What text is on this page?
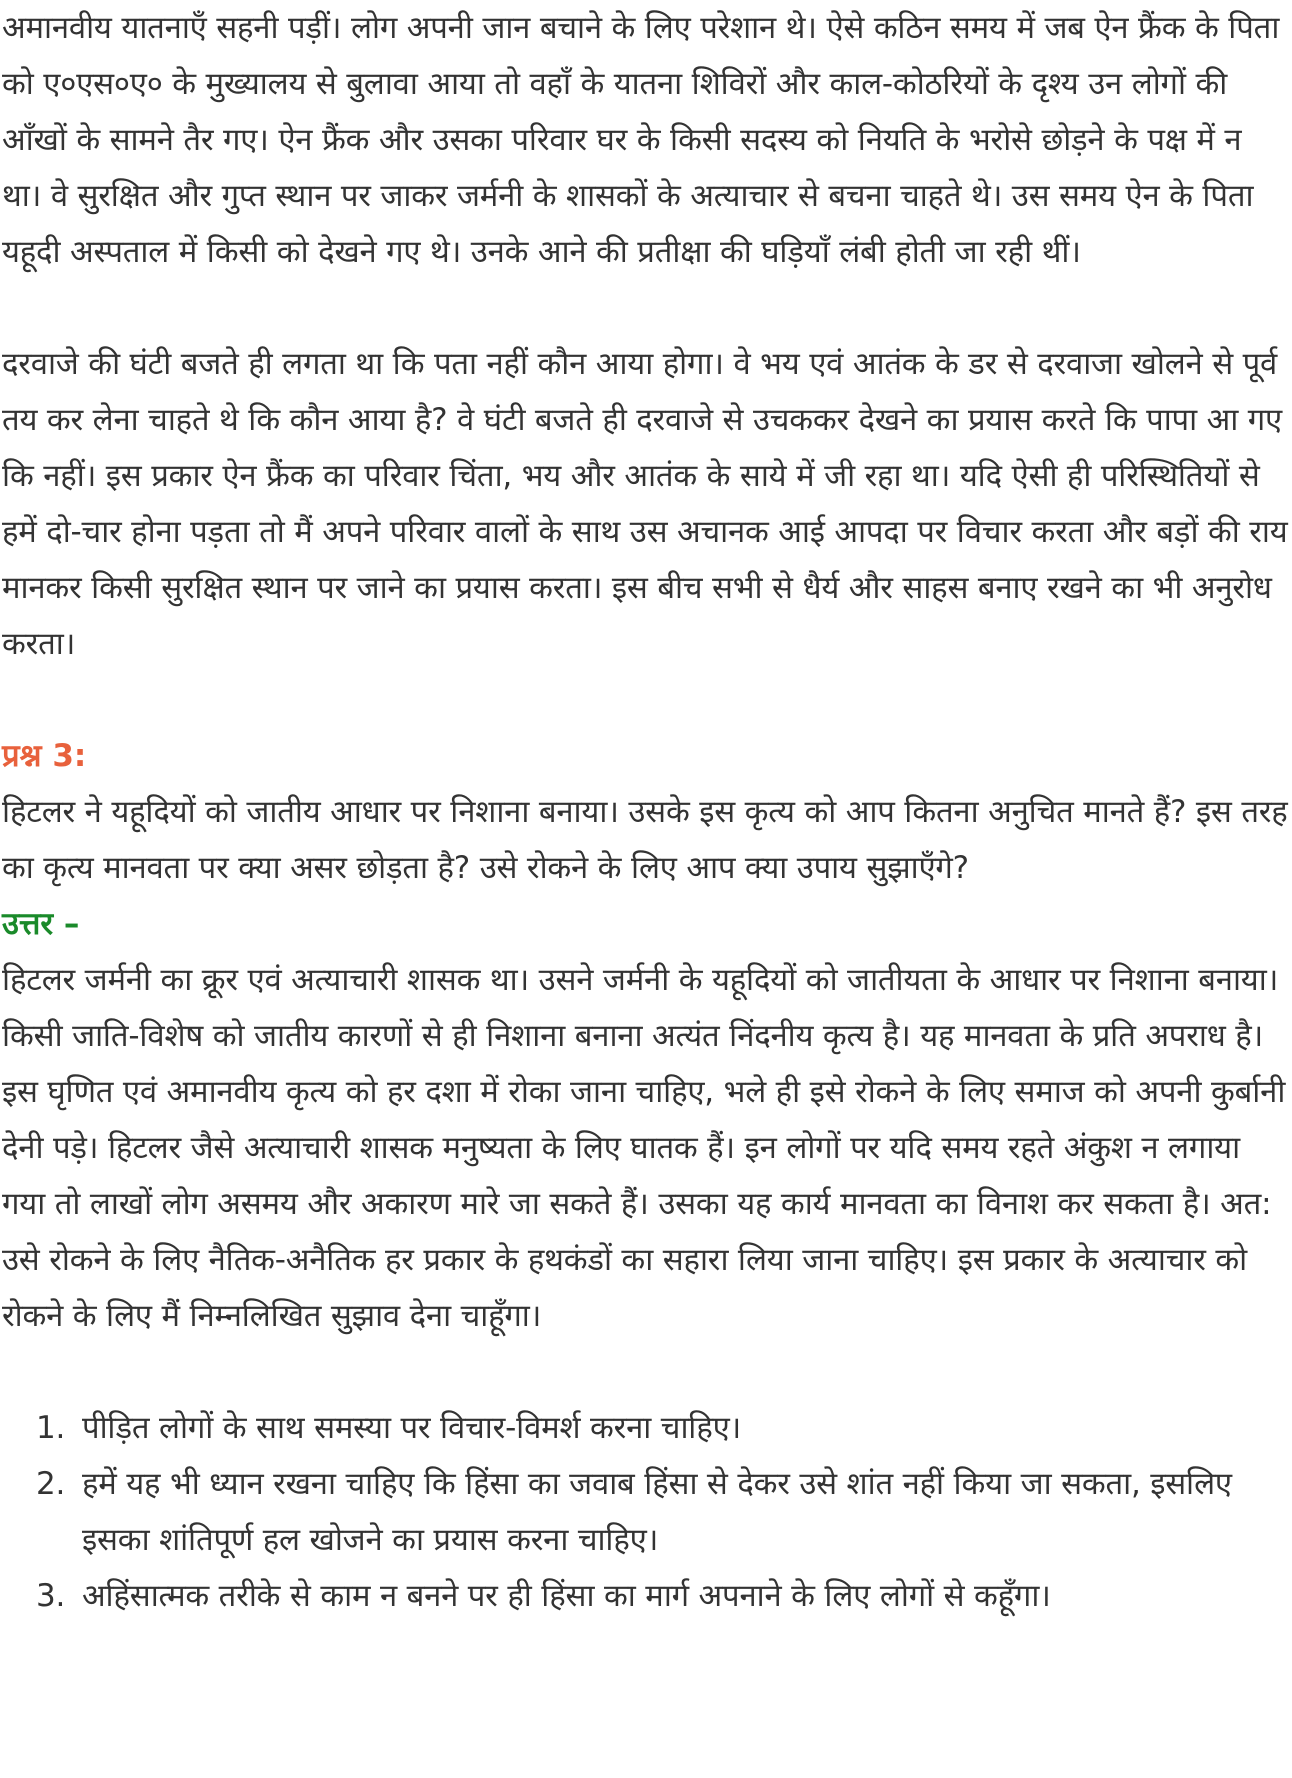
अमानवीय यातनाएँ सहनी पड़ीं। लोग अपनी जान बचाने के लिए परेशान थे। ऐसे कठिन समय में जब ऐन फ्रैंक के पिता को ए०एस०ए० के मुख्यालय से बुलावा आया तो वहाँ के यातना शिविरों और काल-कोठरियों के दृश्य उन लोगों की आँखों के सामने तैर गए। ऐन फ्रैंक और उसका परिवार घर के किसी सदस्य को नियति के भरोसे छोड़ने के पक्ष में न था। वे सुरक्षित और गुप्त स्थान पर जाकर जर्मनी के शासकों के अत्याचार से बचना चाहते थे। उस समय ऐन के पिता यहूदी अस्पताल में किसी को देखने गए थे। उनके आने की प्रतीक्षा की घड़ियाँ लंबी होती जा रही थीं।

दरवाजे की घंटी बजते ही लगता था कि पता नहीं कौन आया होगा। वे भय एवं आतंक के डर से दरवाजा खोलने से पूर्व तय कर लेना चाहते थे कि कौन आया है? वे घंटी बजते ही दरवाजे से उचककर देखने का प्रयास करते कि पापा आ गए कि नहीं। इस प्रकार ऐन फ्रैंक का परिवार चिंता, भय और आतंक के साये में जी रहा था। यदि ऐसी ही परिस्थितियों से हमें दो-चार होना पड़ता तो मैं अपने परिवार वालों के साथ उस अचानक आई आपदा पर विचार करता और बड़ों की राय मानकर किसी सुरक्षित स्थान पर जाने का प्रयास करता। इस बीच सभी से धैर्य और साहस बनाए रखने का भी अनुरोध करता।

प्रश्न 3:

हिटलर ने यहूदियों को जातीय आधार पर निशाना बनाया। उसके इस कृत्य को आप कितना अनुचित मानते हैं? इस तरह का कृत्य मानवता पर क्या असर छोड़ता है? उसे रोकने के लिए आप क्या उपाय सुझाएँगे?

उत्तर –

हिटलर जर्मनी का क्रूर एवं अत्याचारी शासक था। उसने जर्मनी के यहूदियों को जातीयता के आधार पर निशाना बनाया। किसी जाति-विशेष को जातीय कारणों से ही निशाना बनाना अत्यंत निंदनीय कृत्य है। यह मानवता के प्रति अपराध है। इस घृणित एवं अमानवीय कृत्य को हर दशा में रोका जाना चाहिए, भले ही इसे रोकने के लिए समाज को अपनी कुर्बानी देनी पड़े। हिटलर जैसे अत्याचारी शासक मनुष्यता के लिए घातक हैं। इन लोगों पर यदि समय रहते अंकुश न लगाया गया तो लाखों लोग असमय और अकारण मारे जा सकते हैं। उसका यह कार्य मानवता का विनाश कर सकता है। अत: उसे रोकने के लिए नैतिक-अनैतिक हर प्रकार के हथकंडों का सहारा लिया जाना चाहिए। इस प्रकार के अत्याचार को रोकने के लिए मैं निम्नलिखित सुझाव देना चाहूँगा।

1. पीड़ित लोगों के साथ समस्या पर विचार-विमर्श करना चाहिए।
2. हमें यह भी ध्यान रखना चाहिए कि हिंसा का जवाब हिंसा से देकर उसे शांत नहीं किया जा सकता, इसलिए इसका शांतिपूर्ण हल खोजने का प्रयास करना चाहिए।
3. अहिंसात्मक तरीके से काम न बनने पर ही हिंसा का मार्ग अपनाने के लिए लोगों से कहूँगा।
